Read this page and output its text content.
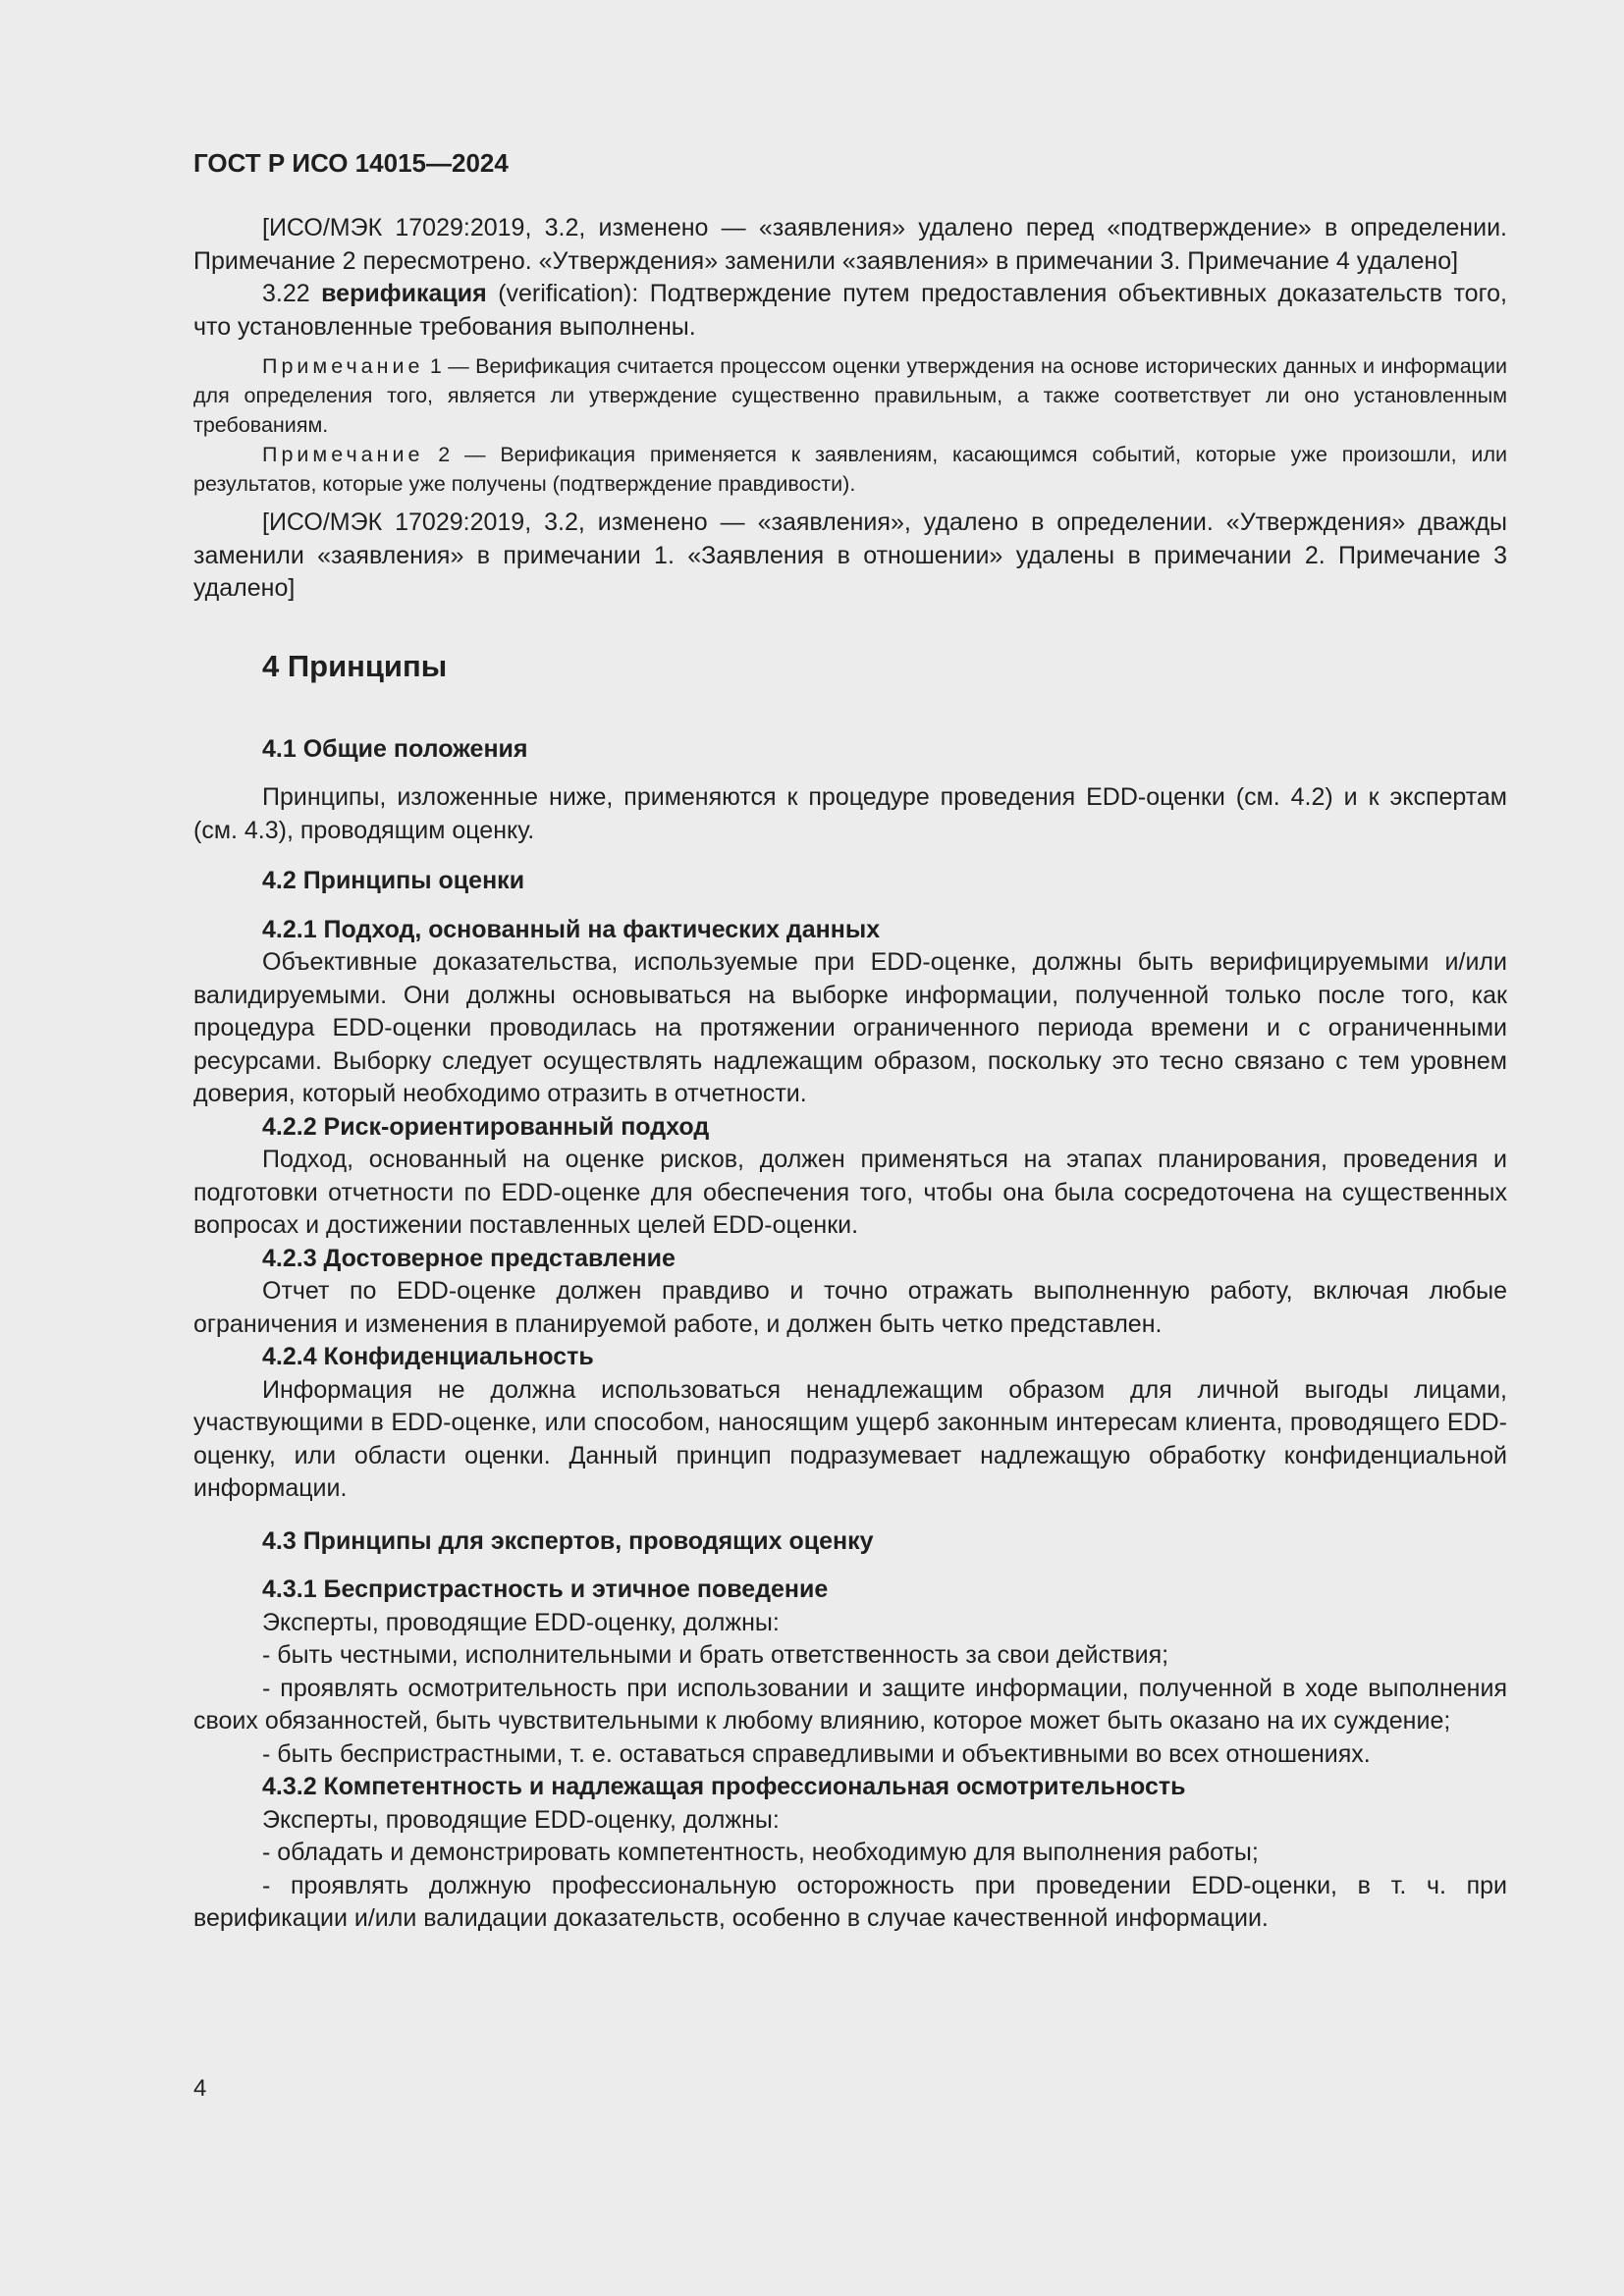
ГОСТ Р ИСО 14015—2024

[ИСО/МЭК 17029:2019, 3.2, изменено — «заявления» удалено перед «подтверждение» в определении. Примечание 2 пересмотрено. «Утверждения» заменили «заявления» в примечании 3. Примечание 4 удалено]

3.22 верификация (verification): Подтверждение путем предоставления объективных доказательств того, что установленные требования выполнены.

Примечание 1 — Верификация считается процессом оценки утверждения на основе исторических данных и информации для определения того, является ли утверждение существенно правильным, а также соответствует ли оно установленным требованиям.

Примечание 2 — Верификация применяется к заявлениям, касающимся событий, которые уже произошли, или результатов, которые уже получены (подтверждение правдивости).

[ИСО/МЭК 17029:2019, 3.2, изменено — «заявления», удалено в определении. «Утверждения» дважды заменили «заявления» в примечании 1. «Заявления в отношении» удалены в примечании 2. Примечание 3 удалено]

4 Принципы
4.1 Общие положения

Принципы, изложенные ниже, применяются к процедуре проведения EDD-оценки (см. 4.2) и к экспертам (см. 4.3), проводящим оценку.

4.2 Принципы оценки
4.2.1 Подход, основанный на фактических данных

Объективные доказательства, используемые при EDD-оценке, должны быть верифицируемыми и/или валидируемыми. Они должны основываться на выборке информации, полученной только после того, как процедура EDD-оценки проводилась на протяжении ограниченного периода времени и с ограниченными ресурсами. Выборку следует осуществлять надлежащим образом, поскольку это тесно связано с тем уровнем доверия, который необходимо отразить в отчетности.

4.2.2 Риск-ориентированный подход

Подход, основанный на оценке рисков, должен применяться на этапах планирования, проведения и подготовки отчетности по EDD-оценке для обеспечения того, чтобы она была сосредоточена на существенных вопросах и достижении поставленных целей EDD-оценки.

4.2.3 Достоверное представление

Отчет по EDD-оценке должен правдиво и точно отражать выполненную работу, включая любые ограничения и изменения в планируемой работе, и должен быть четко представлен.

4.2.4 Конфиденциальность

Информация не должна использоваться ненадлежащим образом для личной выгоды лицами, участвующими в EDD-оценке, или способом, наносящим ущерб законным интересам клиента, проводящего EDD-оценку, или области оценки. Данный принцип подразумевает надлежащую обработку конфиденциальной информации.

4.3 Принципы для экспертов, проводящих оценку
4.3.1 Беспристрастность и этичное поведение

Эксперты, проводящие EDD-оценку, должны:

- быть честными, исполнительными и брать ответственность за свои действия;

- проявлять осмотрительность при использовании и защите информации, полученной в ходе выполнения своих обязанностей, быть чувствительными к любому влиянию, которое может быть оказано на их суждение;

- быть беспристрастными, т. е. оставаться справедливыми и объективными во всех отношениях.

4.3.2 Компетентность и надлежащая профессиональная осмотрительность

Эксперты, проводящие EDD-оценку, должны:

- обладать и демонстрировать компетентность, необходимую для выполнения работы;

- проявлять должную профессиональную осторожность при проведении EDD-оценки, в т. ч. при верификации и/или валидации доказательств, особенно в случае качественной информации.

4
